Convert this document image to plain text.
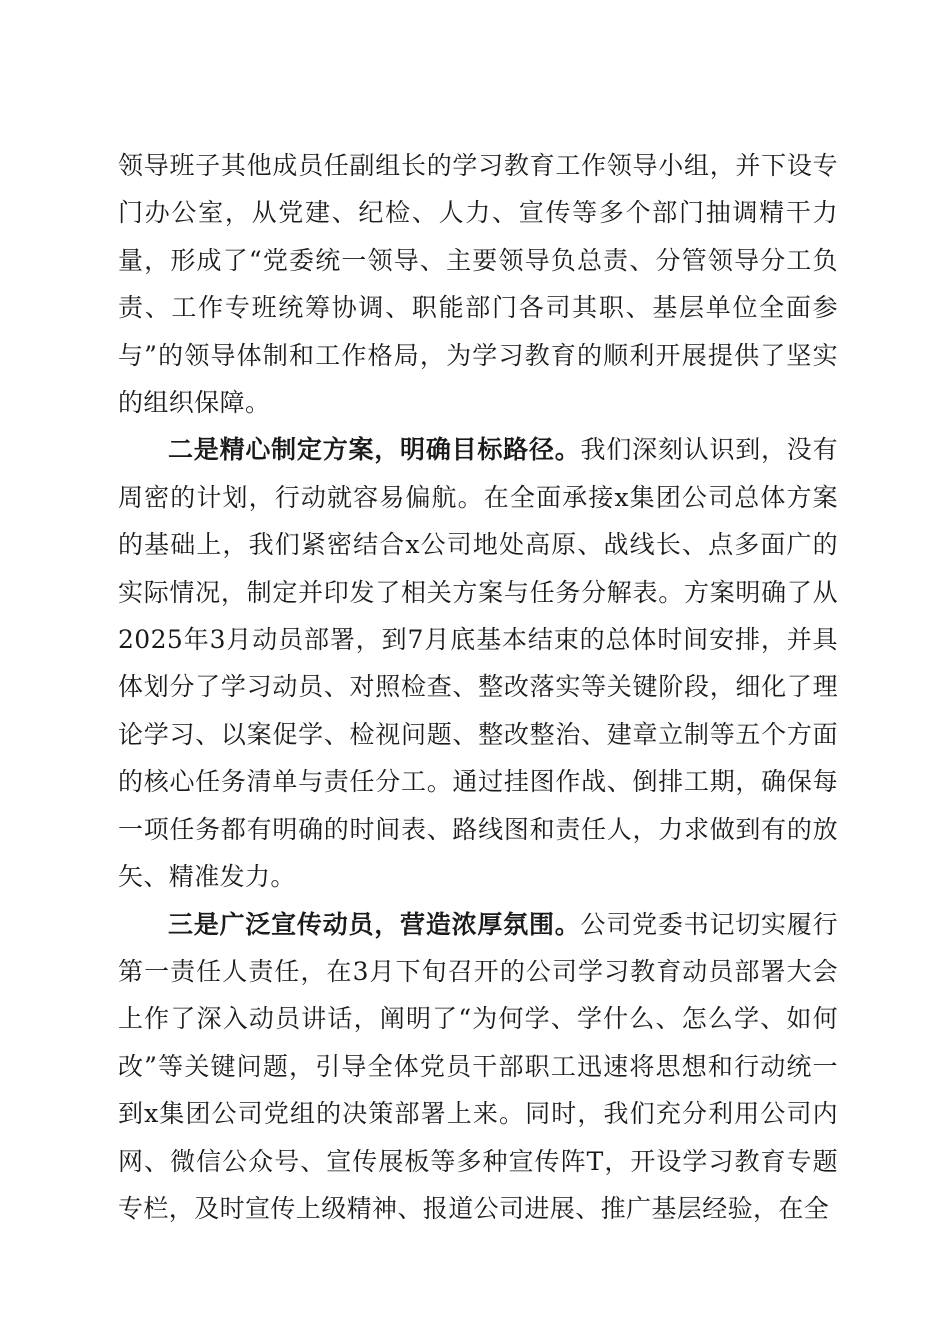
领导班子其他成员任副组长的学习教育工作领导小组，并下设专门办公室，从党建、纪检、人力、宣传等多个部门抽调精干力量，形成了“党委统一领导、主要领导负总责、分管领导分工负责、工作专班统筹协调、职能部门各司其职、基层单位全面参与”的领导体制和工作格局，为学习教育的顺利开展提供了坚实的组织保障。

二是精心制定方案，明确目标路径。我们深刻认识到，没有周密的计划，行动就容易偏航。在全面承接x集团公司总体方案的基础上，我们紧密结合x公司地处高原、战线长、点多面广的实际情况，制定并印发了相关方案与任务分解表。方案明确了从2025年3月动员部署，到7月底基本结束的总体时间安排，并具体划分了学习动员、对照检查、整改落实等关键阶段，细化了理论学习、以案促学、检视问题、整改整治、建章立制等五个方面的核心任务清单与责任分工。通过挂图作战、倒排工期，确保每一项任务都有明确的时间表、路线图和责任人，力求做到有的放矢、精准发力。

三是广泛宣传动员，营造浓厚氛围。公司党委书记切实履行第一责任人责任，在3月下旬召开的公司学习教育动员部署大会上作了深入动员讲话，阐明了“为何学、学什么、怎么学、如何改”等关键问题，引导全体党员干部职工迅速将思想和行动统一到x集团公司党组的决策部署上来。同时，我们充分利用公司内网、微信公众号、宣传展板等多种宣传阵T，开设学习教育专题专栏，及时宣传上级精神、报道公司进展、推广基层经验，在全
